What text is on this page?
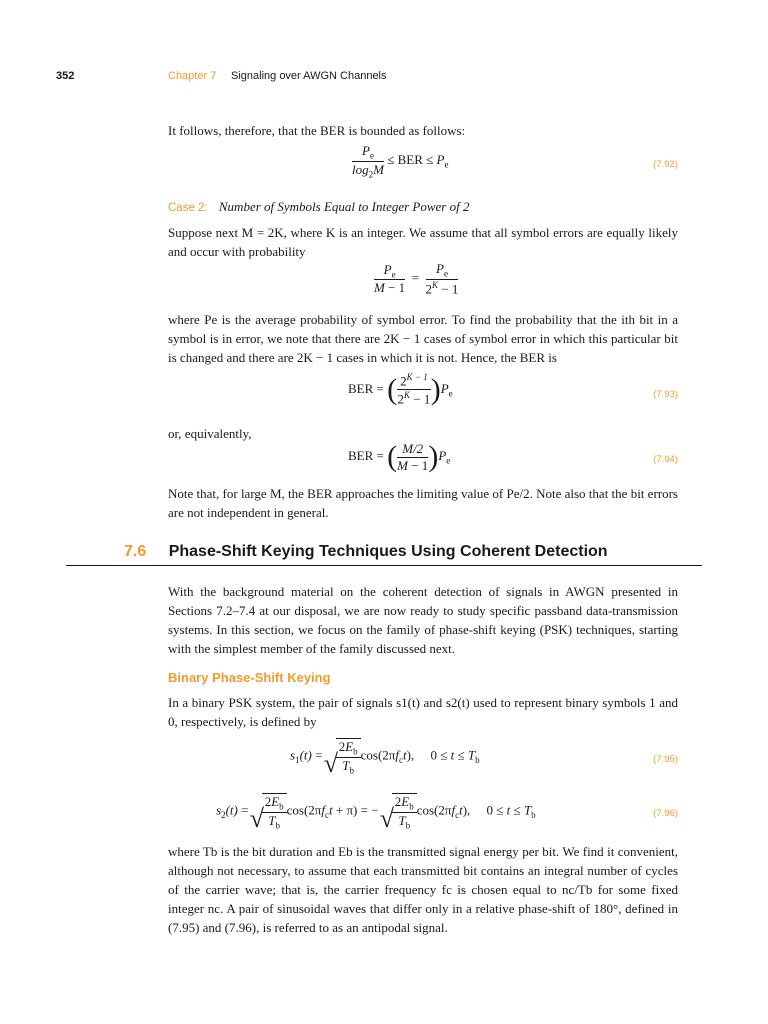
352	Chapter 7 Signaling over AWGN Channels

It follows, therefore, that the BER is bounded as follows:

$\frac{P_e}{\log_2M}$ ≤ BER ≤ $P_e$	(7.92)
Case 2: Number of Symbols Equal to Integer Power of 2

Suppose next M = 2K, where K is an integer. We assume that all symbol errors are equally likely and occur with probability

$\frac{P_e}{M - 1} = \frac{P_e}{2^K - 1}$

where Pe is the average probability of symbol error. To find the probability that the ith bit in a symbol is in error, we note that there are 2K − 1 cases of symbol error in which this particular bit is changed and there are 2K − 1 cases in which it is not. Hence, the BER is

BER = ( $\frac{2^{K - 1}}{2^K - 1} )P_e$	(7.93)

or, equivalently,

BER = ( $\frac{M/2}{M - 1} )P_e$	(7.94)

Note that, for large M, the BER approaches the limiting value of Pe/2. Note also that the bit errors are not independent in general.

7.6 Phase-Shift Keying Techniques Using Coherent Detection

With the background material on the coherent detection of signals in AWGN presented in Sections 7.2–7.4 at our disposal, we are now ready to study specific passband data-transmission systems. In this section, we focus on the family of phase-shift keying (PSK) techniques, starting with the simplest member of the family discussed next.

Binary Phase-Shift Keying

In a binary PSK system, the pair of signals s1(t) and s2(t) used to represent binary symbols 1 and 0, respectively, is defined by

$s_1(t)$ = √ $\frac{2E_b}{T_b} \cos(2\pi f_ct)$,     $0 \le t \le T_b$	(7.95)
$s_2(t)$ = √ $\frac{2E_b}{T_b} \cos(2\pi f_ct + \pi)$ = − √ $\frac{2E_b}{T_b} \cos(2\pi f_ct)$,     $0 \le t \le T_b$	(7.96)

where Tb is the bit duration and Eb is the transmitted signal energy per bit. We find it convenient, although not necessary, to assume that each transmitted bit contains an integral number of cycles of the carrier wave; that is, the carrier frequency fc is chosen equal to nc/Tb for some fixed integer nc. A pair of sinusoidal waves that differ only in a relative phase-shift of 180°, defined in (7.95) and (7.96), is referred to as an antipodal signal.
